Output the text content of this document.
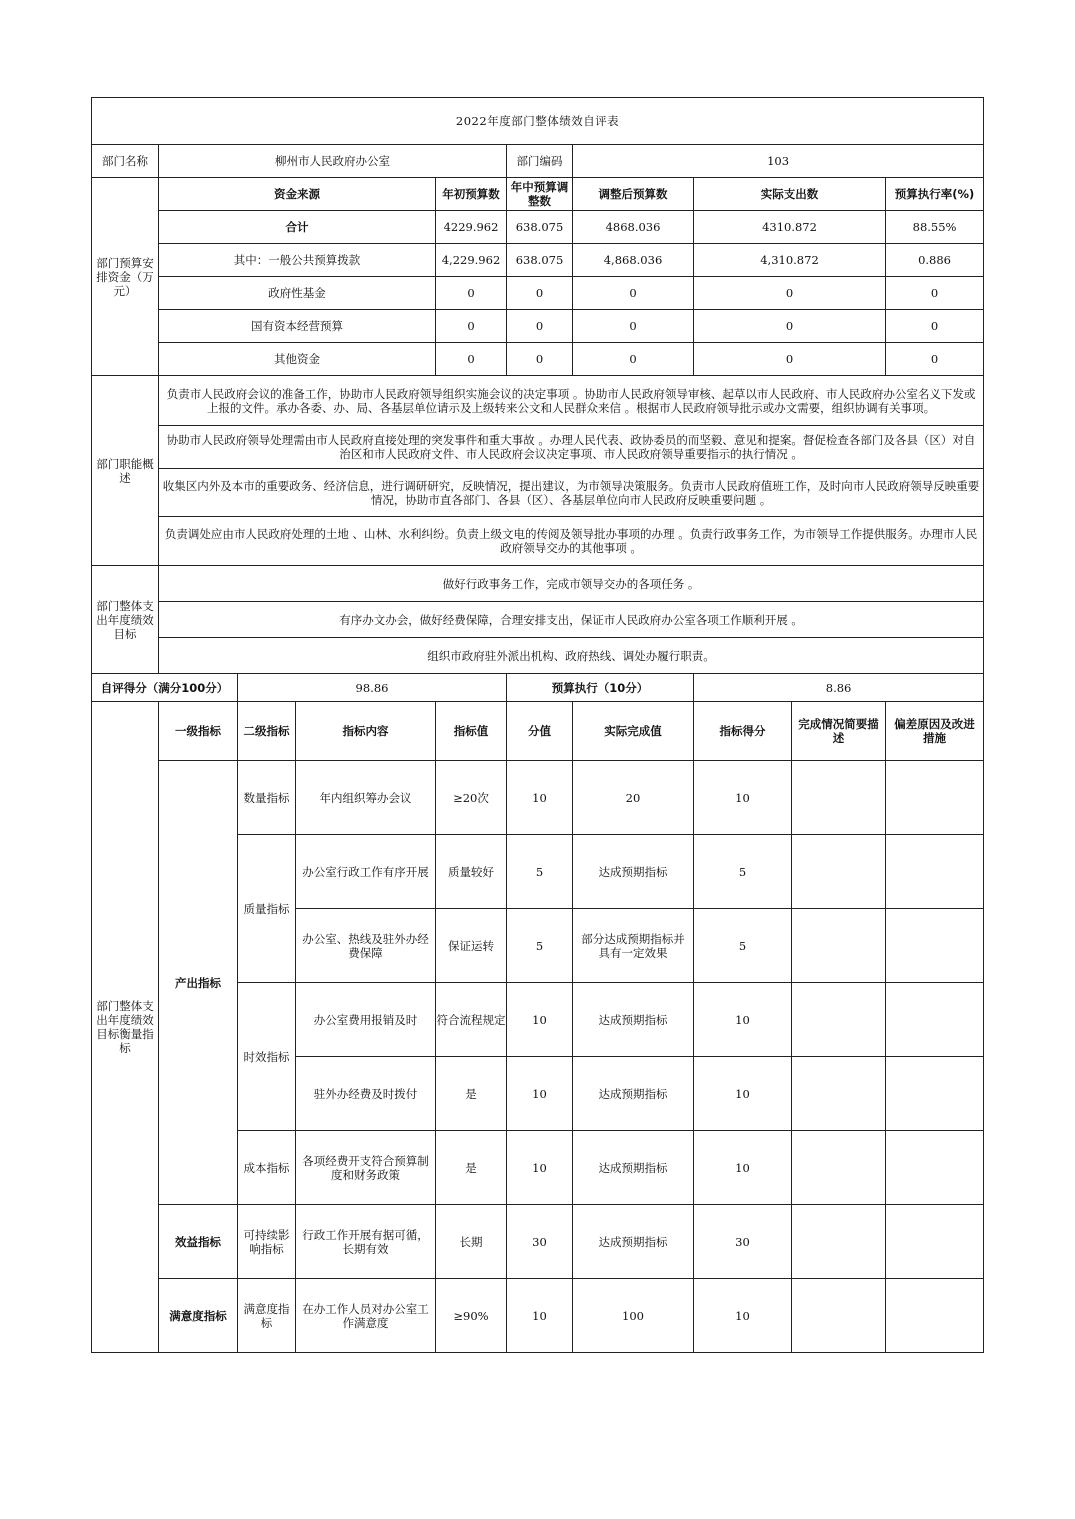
2022年度部门整体绩效自评表									
部门名称	柳州市人民政府办公室				部门编码	103			
部门预算安排资金（万元）	资金来源			年初预算数	年中预算调整数	调整后预算数	实际支出数		预算执行率(%)
	合计			4229.962	638.075	4868.036	4310.872		88.55%
	其中：一般公共预算拨款			4,229.962	638.075	4,868.036	4,310.872		0.886
	政府性基金			0	0	0	0		0
	国有资本经营预算			0	0	0	0		0
	其他资金			0	0	0	0		0
部门职能概述	负责市人民政府会议的准备工作，协助市人民政府领导组织实施会议的决定事项 。协助市人民政府领导审核、起草以市人民政府、市人民政府办公室名义下发或上报的文件。承办各委、办、局、各基层单位请示及上级转来公文和人民群众来信 。根据市人民政府领导批示或办文需要，组织协调有关事项。								
	协助市人民政府领导处理需由市人民政府直接处理的突发事件和重大事故 。办理人民代表、政协委员的而坚毅、意见和提案。督促检查各部门及各县（区）对自治区和市人民政府文件、市人民政府会议决定事项、市人民政府领导重要指示的执行情况 。								
	收集区内外及本市的重要政务、经济信息，进行调研研究，反映情况，提出建议，为市领导决策服务。负责市人民政府值班工作，及时向市人民政府领导反映重要情况，协助市直各部门、各县（区）、各基层单位向市人民政府反映重要问题 。								
	负责调处应由市人民政府处理的土地 、山林、水利纠纷。负责上级文电的传阅及领导批办事项的办理 。负责行政事务工作，为市领导工作提供服务。办理市人民政府领导交办的其他事项 。								
部门整体支出年度绩效目标	做好行政事务工作，完成市领导交办的各项任务 。								
	有序办文办会，做好经费保障，合理安排支出，保证市人民政府办公室各项工作顺利开展 。								
	组织市政府驻外派出机构、政府热线、调处办履行职责。								
自评得分（满分100分）		98.86			预算执行（10分）		8.86		
部门整体支出年度绩效目标衡量指标	一级指标	二级指标	指标内容	指标值	分值	实际完成值	指标得分	完成情况简要描述	偏差原因及改进措施
	产出指标	数量指标	年内组织筹办会议	≥20次	10	20	10		
		质量指标	办公室行政工作有序开展	质量较好	5	达成预期指标	5		
			办公室、热线及驻外办经费保障	保证运转	5	部分达成预期指标并具有一定效果	5		
		时效指标	办公室费用报销及时	符合流程规定	10	达成预期指标	10		
			驻外办经费及时拨付	是	10	达成预期指标	10		
		成本指标	各项经费开支符合预算制度和财务政策	是	10	达成预期指标	10		
	效益指标	可持续影响指标	行政工作开展有据可循，长期有效	长期	30	达成预期指标	30		
	满意度指标	满意度指标	在办工作人员对办公室工作满意度	≥90%	10	100	10		
